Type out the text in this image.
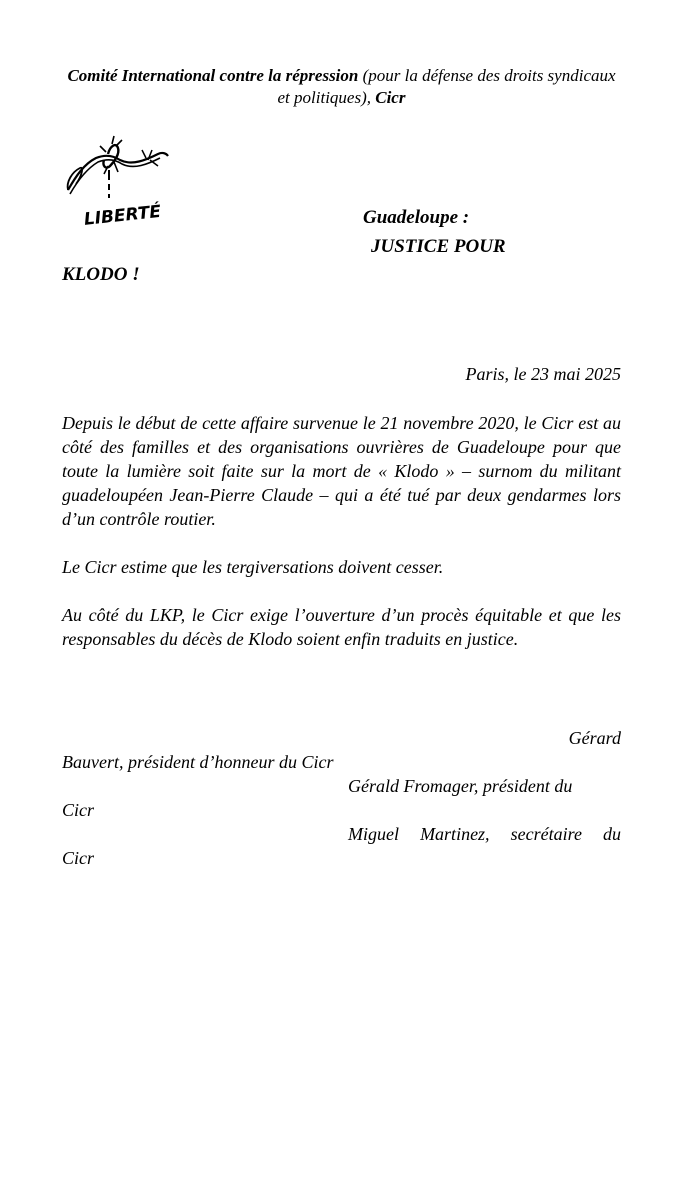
Comité International contre la répression (pour la défense des droits syndicaux et politiques), Cicr
LIBERTÉ	Guadeloupe :
JUSTICE POUR
KLODO !
Paris, le 23 mai 2025
Depuis le début de cette affaire survenue le 21 novembre 2020, le Cicr est au côté des familles et des organisations ouvrières de Guadeloupe pour que toute la lumière soit faite sur la mort de « Klodo » – surnom du militant guadeloupéen Jean-Pierre Claude – qui a été tué par deux gendarmes lors d’un contrôle routier.
Le Cicr estime que les tergiversations doivent cesser.
Au côté du LKP, le Cicr exige l’ouverture d’un procès équitable et que les responsables du décès de Klodo soient enfin traduits en justice.
Gérard
Bauvert, président d’honneur du Cicr
Gérald Fromager, président du
Cicr
Miguel Martinez, secrétaire du
Cicr
